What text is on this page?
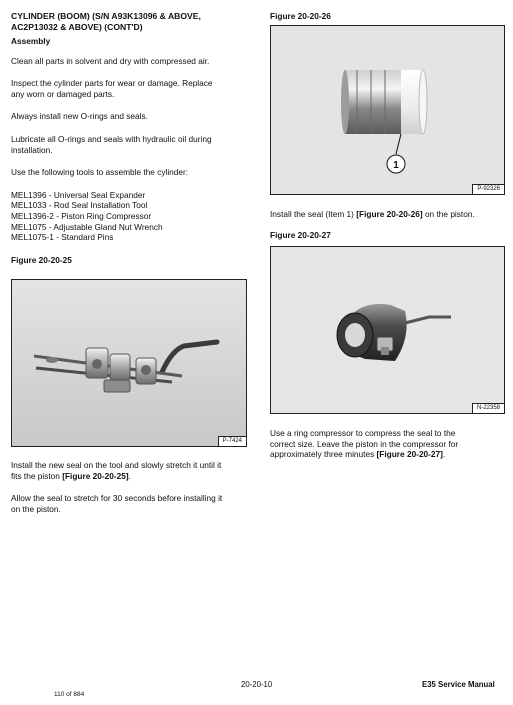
CYLINDER (BOOM) (S/N A93K13096 & ABOVE,

AC2P13032 & ABOVE) (CONT'D)

Assembly

Clean all parts in solvent and dry with compressed air.

Inspect the cylinder parts for wear or damage. Replace

any worn or damaged parts.

Always install new O-rings and seals.

Lubricate all O-rings and seals with hydraulic oil during

installation.

Use the following tools to assemble the cylinder:

MEL1396 - Universal Seal Expander

MEL1033 - Rod Seal Installation Tool

MEL1396-2 - Piston Ring Compressor

MEL1075 - Adjustable Gland Nut Wrench

MEL1075-1 - Standard Pins

Figure 20-20-25

P-7424

Install the new seal on the tool and slowly stretch it until it

fits the piston [Figure 20-20-25].

Allow the seal to stretch for 30 seconds before installing it

on the piston.

Figure 20-20-26

1
P-92326

Install the seal (Item 1) [Figure 20-20-26] on the piston.

Figure 20-20-27

N-22358

Use a ring compressor to compress the seal to the

correct size. Leave the piston in the compressor for

approximately three minutes [Figure 20-20-27].

20-20-10	E35 Service Manual
110 of 884
